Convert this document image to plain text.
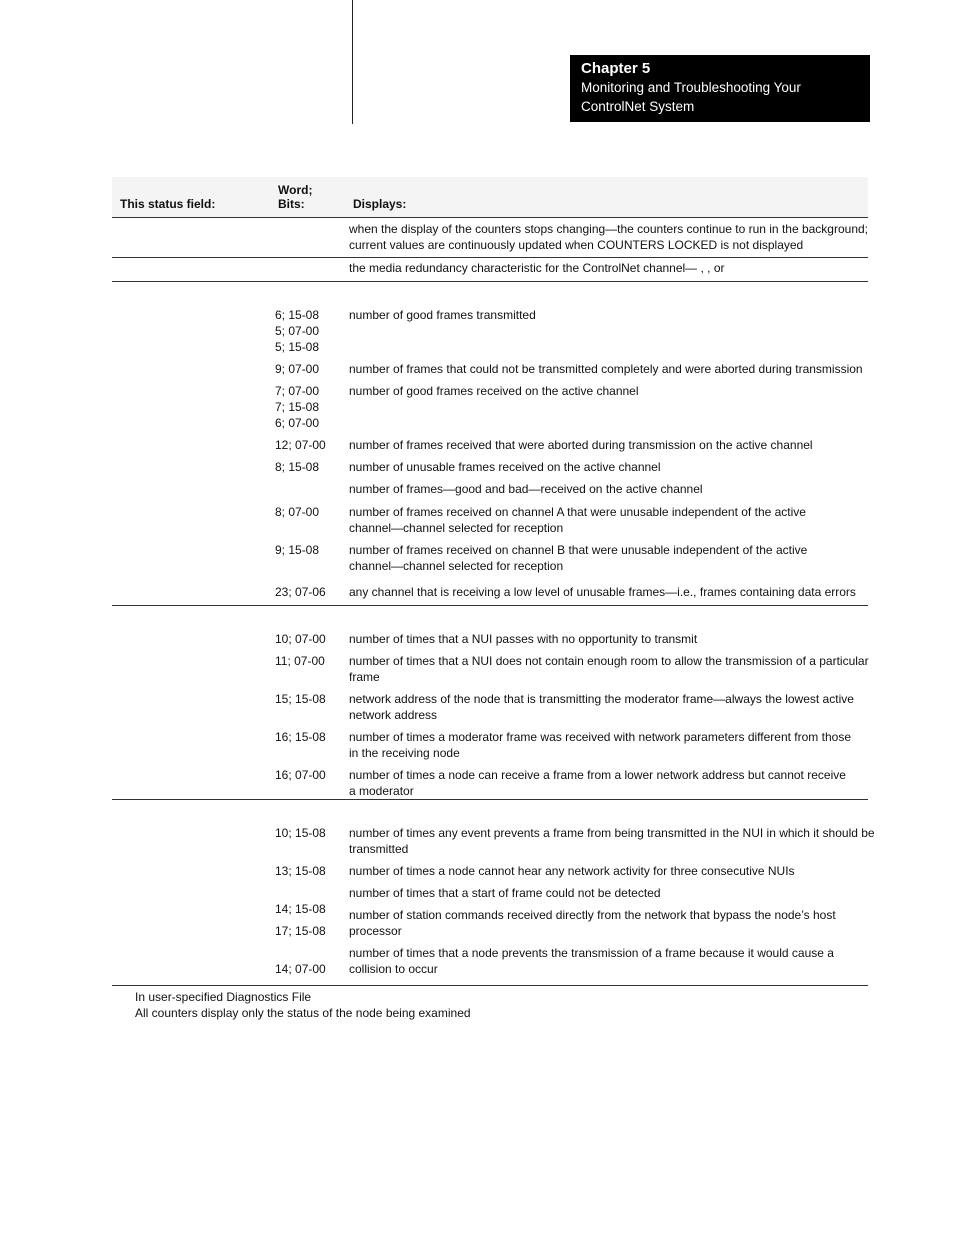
Chapter 5
Monitoring and Troubleshooting Your
ControlNet System
This status field:
Word;
Bits:	Displays:
when the display of the counters stops changing—the counters continue to run in the background;
current values are continuously updated when COUNTERS LOCKED is not displayed
the media redundancy characteristic for the ControlNet channel— , , or
6; 15-08
5; 07-00
5; 15-08
number of good frames transmitted
9; 07-00 number of frames that could not be transmitted completely and were aborted during transmission
7; 07-00
7; 15-08
6; 07-00
number of good frames received on the active channel
12; 07-00 number of frames received that were aborted during transmission on the active channel
8; 15-08 number of unusable frames received on the active channel
number of frames—good and bad—received on the active channel
8; 07-00 number of frames received on channel A that were unusable independent of the active
channel—channel selected for reception
9; 15-08 number of frames received on channel B that were unusable independent of the active
channel—channel selected for reception
23; 07-06 any channel that is receiving a low level of unusable frames—i.e., frames containing data errors
10; 07-00 number of times that a NUI passes with no opportunity to transmit
11; 07-00 number of times that a NUI does not contain enough room to allow the transmission of a particular
frame
15; 15-08 network address of the node that is transmitting the moderator frame—always the lowest active
network address
16; 15-08 number of times a moderator frame was received with network parameters different from those
in the receiving node
16; 07-00 number of times a node can receive a frame from a lower network address but cannot receive
a moderator
10; 15-08 number of times any event prevents a frame from being transmitted in the NUI in which it should be
transmitted
13; 15-08 number of times a node cannot hear any network activity for three consecutive NUIs
number of times that a start of frame could not be detected
14; 15-08
17; 15-08
number of station commands received directly from the network that bypass the node’s host
processor
14; 07-00
number of times that a node prevents the transmission of a frame because it would cause a
collision to occur
In user-specified Diagnostics File
All counters display only the status of the node being examined
